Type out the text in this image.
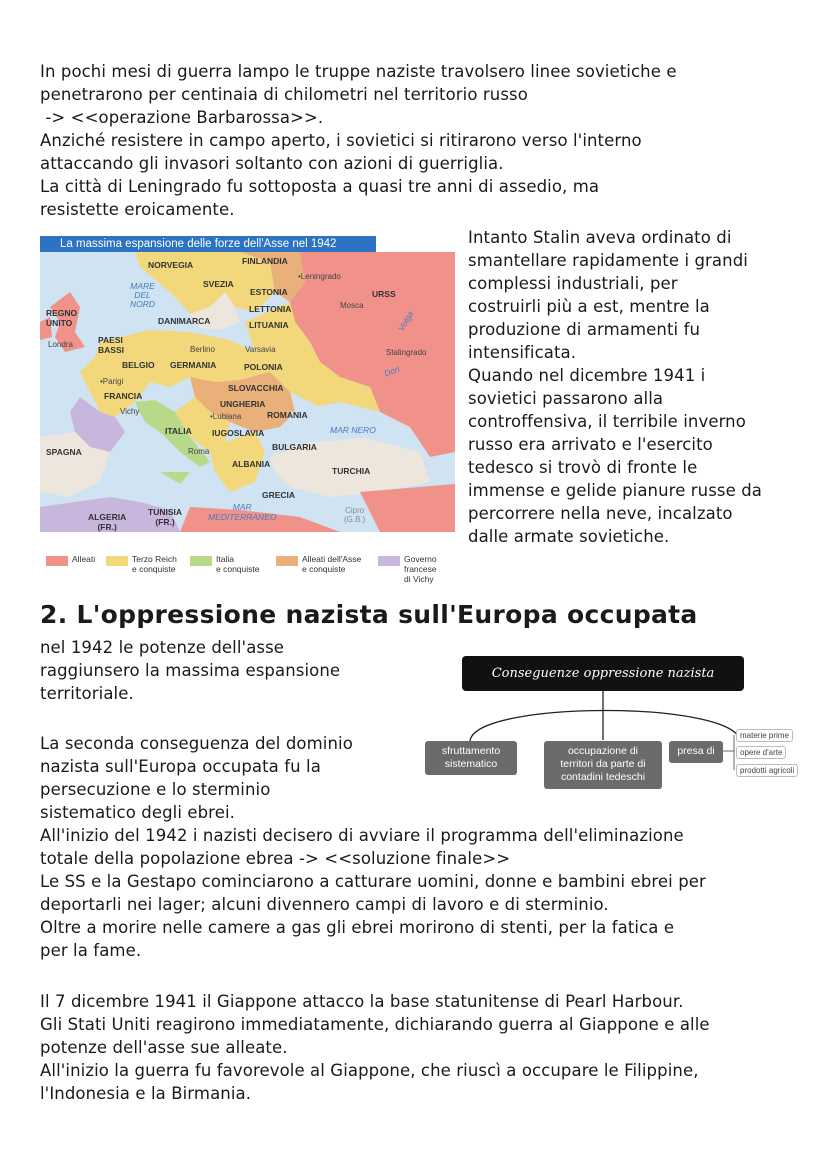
In pochi mesi di guerra lampo le truppe naziste travolsero linee sovietiche e
penetrarono per centinaia di chilometri nel territorio russo
-> <<operazione Barbarossa>>.
Anziché resistere in campo aperto, i sovietici si ritirarono verso l'interno
attaccando gli invasori soltanto con azioni di guerriglia.
La città di Leningrado fu sottoposta a quasi tre anni di assedio, ma
resistette eroicamente.
La massima espansione delle forze dell'Asse nel 1942
NORVEGIA	FINLANDIA
•Leningrado
SVEZIA
ESTONIA	URSS
MARE
DEL
NORD	LETTONIA
LITUANIA
Mosca
REGNO
UNITO	DANIMARCA	Volga
Londra	PAESI
BASSI	Berlino	Varsavia	Stalingrado
BELGIO GERMANIA	POLONIA	Don
•Parigi
FRANCIA
SLOVACCHIA
Vichy
UNGHERIA
•Lubiana	ROMANIA
ITALIA IUGOSLAVIA	MAR NERO
SPAGNA	Roma	BULGARIA
ALBANIA
TURCHIA
GRECIA
ALGERIA
(FR.)
TUNISIA
(FR.)
MAR
MEDITERRANEO
Cipro
(G.B.)
Alleati	Terzo Reich
e conquiste
Italia
e conquiste
Alleati dell'Asse
e conquiste
Governo
francese
di Vichy
Intanto Stalin aveva ordinato di
smantellare rapidamente i grandi
complessi industriali, per
costruirli più a est, mentre la
produzione di armamenti fu
intensificata.
Quando nel dicembre 1941 i
sovietici passarono alla
controffensiva, il terribile inverno
russo era arrivato e l'esercito
tedesco si trovò di fronte le
immense e gelide pianure russe da
percorrere nella neve, incalzato
dalle armate sovietiche.
2. L'oppressione nazista sull'Europa occupata
nel 1942 le potenze dell'asse
raggiunsero la massima espansione
territoriale.
La seconda conseguenza del dominio
nazista sull'Europa occupata fu la
persecuzione e lo sterminio
sistematico degli ebrei.
All'inizio del 1942 i nazisti decisero di avviare il programma dell'eliminazione
totale della popolazione ebrea -> <<soluzione finale>>
Le SS e la Gestapo cominciarono a catturare uomini, donne e bambini ebrei per
deportarli nei lager; alcuni divennero campi di lavoro e di sterminio.
Oltre a morire nelle camere a gas gli ebrei morirono di stenti, per la fatica e
per la fame.
Il 7 dicembre 1941 il Giappone attacco la base statunitense di Pearl Harbour.
Gli Stati Uniti reagirono immediatamente, dichiarando guerra al Giappone e alle
potenze dell'asse sue alleate.
All'inizio la guerra fu favorevole al Giappone, che riuscì a occupare le Filippine,
l'Indonesia e la Birmania.
Conseguenze oppressione nazista
sfruttamento
sistematico
occupazione di
territori da parte di
contadini tedeschi
presa di
materie prime
opere d'arte
prodotti agricoli
